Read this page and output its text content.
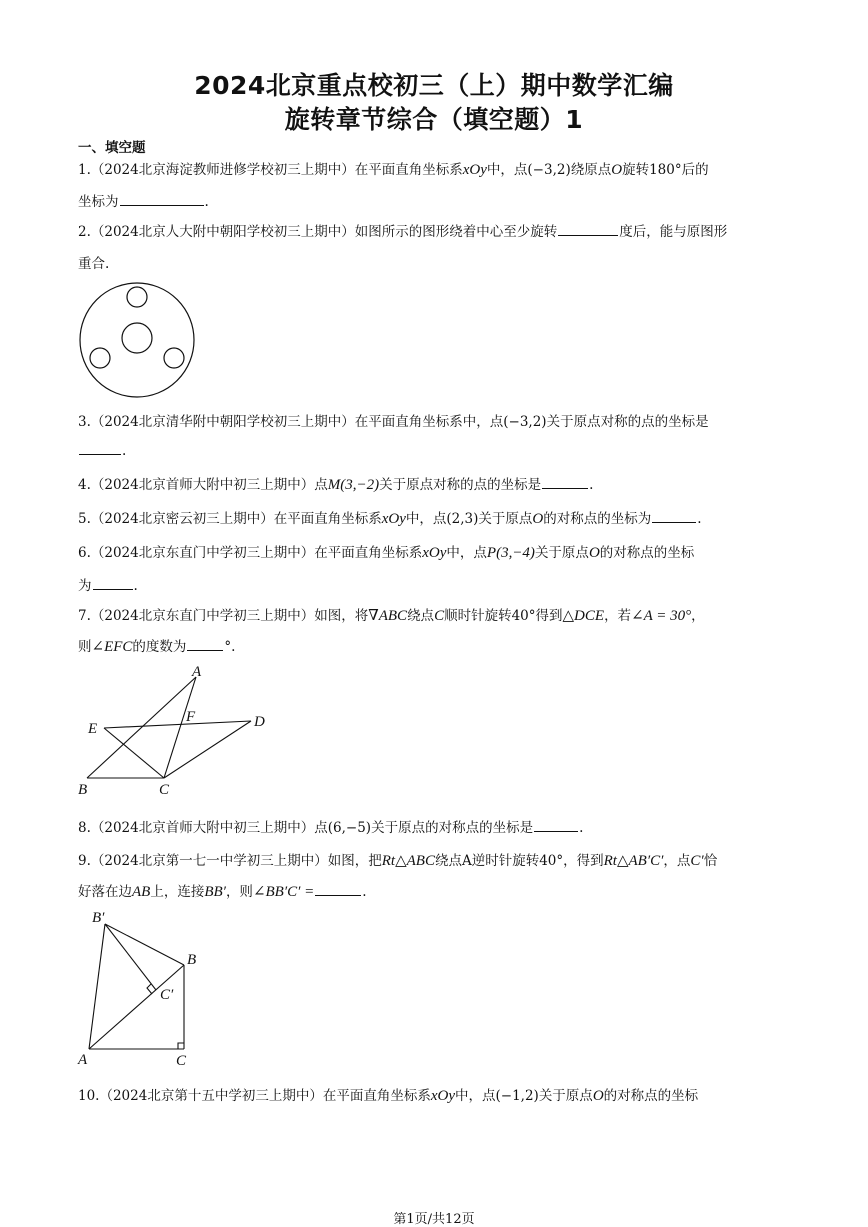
2024北京重点校初三（上）期中数学汇编
旋转章节综合（填空题）1
一、填空题
1.（2024北京海淀教师进修学校初三上期中）在平面直角坐标系xOy中，点(−3,2)绕原点O旋转180°后的
坐标为	.
2.（2024北京人大附中朝阳学校初三上期中）如图所示的图形绕着中心至少旋转	度后，能与原图形
重合.
3.（2024北京清华附中朝阳学校初三上期中）在平面直角坐标系中，点(−3,2)关于原点对称的点的坐标是
.
4.（2024北京首师大附中初三上期中）点M(3,−2)关于原点对称的点的坐标是	.
5.（2024北京密云初三上期中）在平面直角坐标系xOy中，点(2,3)关于原点O的对称点的坐标为	.
6.（2024北京东直门中学初三上期中）在平面直角坐标系xOy中，点P(3,−4)关于原点O的对称点的坐标
为	.
7.（2024北京东直门中学初三上期中）如图，将∇ABC绕点C顺时针旋转40°得到△DCE，若∠A = 30°，
则∠EFC的度数为	°.
A
B	C
D
E
F
8.（2024北京首师大附中初三上期中）点(6,−5)关于原点的对称点的坐标是	.
9.（2024北京第一七一中学初三上期中）如图，把Rt△ABC绕点A逆时针旋转40°，得到Rt△AB′C′，点C′恰
好落在边AB上，连接BB′，则∠BB′C′ =	.
A
B
C
B′
C′
10.（2024北京第十五中学初三上期中）在平面直角坐标系xOy中，点(−1,2)关于原点O的对称点的坐标
第1页/共12页
